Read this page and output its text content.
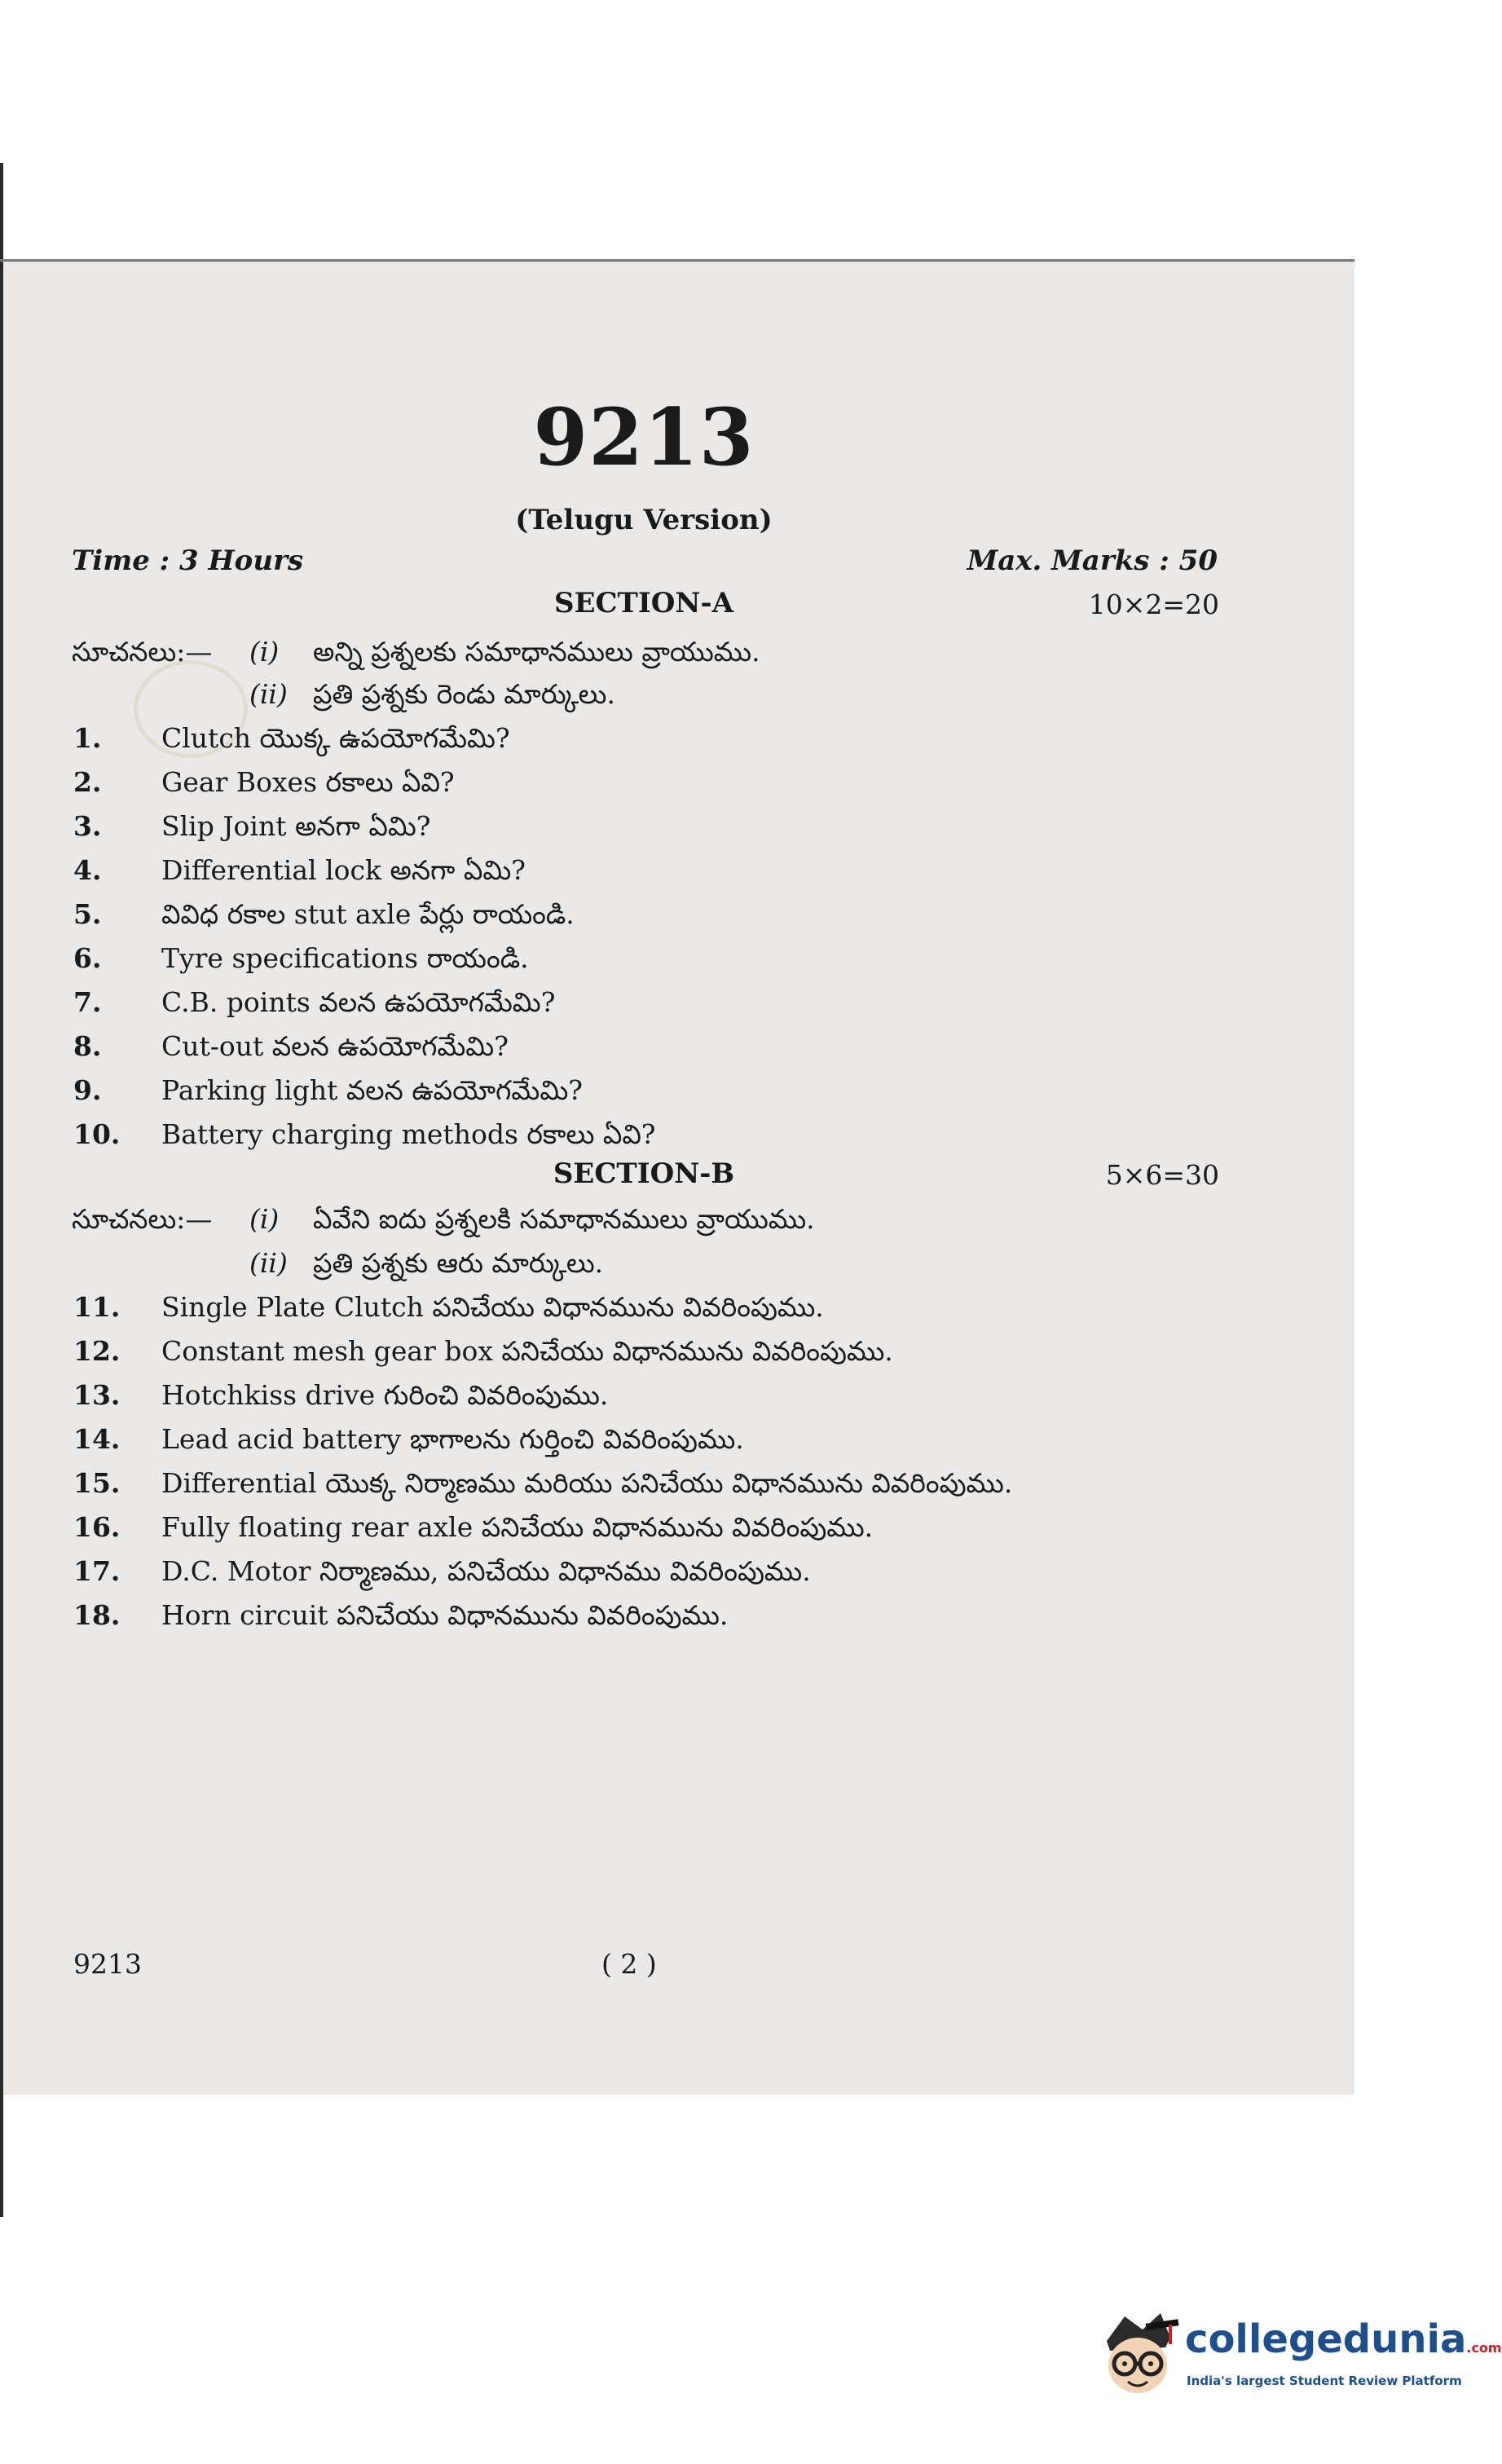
9213
(Telugu Version)
Time : 3 Hours	Max. Marks : 50
SECTION-A	10×2=20
సూచనలు:— (i) అన్ని ప్రశ్నలకు సమాధానములు వ్రాయుము.
(ii) ప్రతి ప్రశ్నకు రెండు మార్కులు.
1. Clutch యొక్క ఉపయోగమేమి?
2. Gear Boxes రకాలు ఏవి?
3. Slip Joint అనగా ఏమి?
4. Differential lock అనగా ఏమి?
5. వివిధ రకాల stut axle పేర్లు రాయండి.
6. Tyre specifications రాయండి.
7. C.B. points వలన ఉపయోగమేమి?
8. Cut-out వలన ఉపయోగమేమి?
9. Parking light వలన ఉపయోగమేమి?
10. Battery charging methods రకాలు ఏవి?
SECTION-B	5×6=30
సూచనలు:— (i) ఏవేని ఐదు ప్రశ్నలకి సమాధానములు వ్రాయుము.
(ii) ప్రతి ప్రశ్నకు ఆరు మార్కులు.
11. Single Plate Clutch పనిచేయు విధానమును వివరింపుము.
12. Constant mesh gear box పనిచేయు విధానమును వివరింపుము.
13. Hotchkiss drive గురించి వివరింపుము.
14. Lead acid battery భాగాలను గుర్తించి వివరింపుము.
15. Differential యొక్క నిర్మాణము మరియు పనిచేయు విధానమును వివరింపుము.
16. Fully floating rear axle పనిచేయు విధానమును వివరింపుము.
17. D.C. Motor నిర్మాణము, పనిచేయు విధానము వివరింపుము.
18. Horn circuit పనిచేయు విధానమును వివరింపుము.
9213	( 2 )
collegedunia.com
India's largest Student Review Platform
